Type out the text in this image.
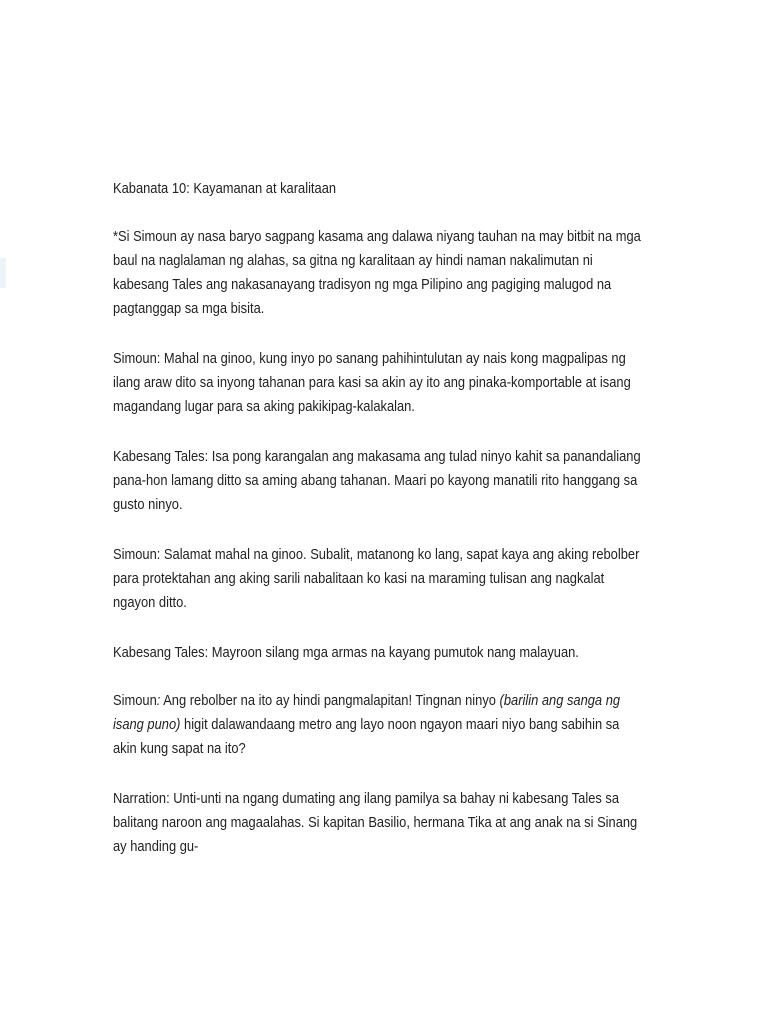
Kabanata 10: Kayamanan at karalitaan
*Si Simoun ay nasa baryo sagpang kasama ang dalawa niyang tauhan na may bitbit na mga baul na naglalaman ng alahas, sa gitna ng karalitaan ay hindi naman nakalimutan ni kabesang Tales ang nakasanayang tradisyon ng mga Pilipino ang pagiging malugod na pagtanggap sa mga bisita.
Simoun: Mahal na ginoo, kung inyo po sanang pahihintulutan ay nais kong magpalipas ng ilang araw dito sa inyong tahanan para kasi sa akin ay ito ang pinaka-komportable at isang magandang lugar para sa aking pakikipag-kalakalan.
Kabesang Tales: Isa pong karangalan ang makasama ang tulad ninyo kahit sa panandaliang pana-hon lamang ditto sa aming abang tahanan. Maari po kayong manatili rito hanggang sa gusto ninyo.
Simoun: Salamat mahal na ginoo. Subalit, matanong ko lang, sapat kaya ang aking rebolber para protektahan ang aking sarili nabalitaan ko kasi na maraming tulisan ang nagkalat ngayon ditto.
Kabesang Tales: Mayroon silang mga armas na kayang pumutok nang malayuan.
Simoun: Ang rebolber na ito ay hindi pangmalapitan! Tingnan ninyo (barilin ang sanga ng isang puno) higit dalawandaang metro ang layo noon ngayon maari niyo bang sabihin sa akin kung sapat na ito?
Narration: Unti-unti na ngang dumating ang ilang pamilya sa bahay ni kabesang Tales sa balitang naroon ang magaalahas. Si kapitan Basilio, hermana Tika at ang anak na si Sinang ay handing gu-
